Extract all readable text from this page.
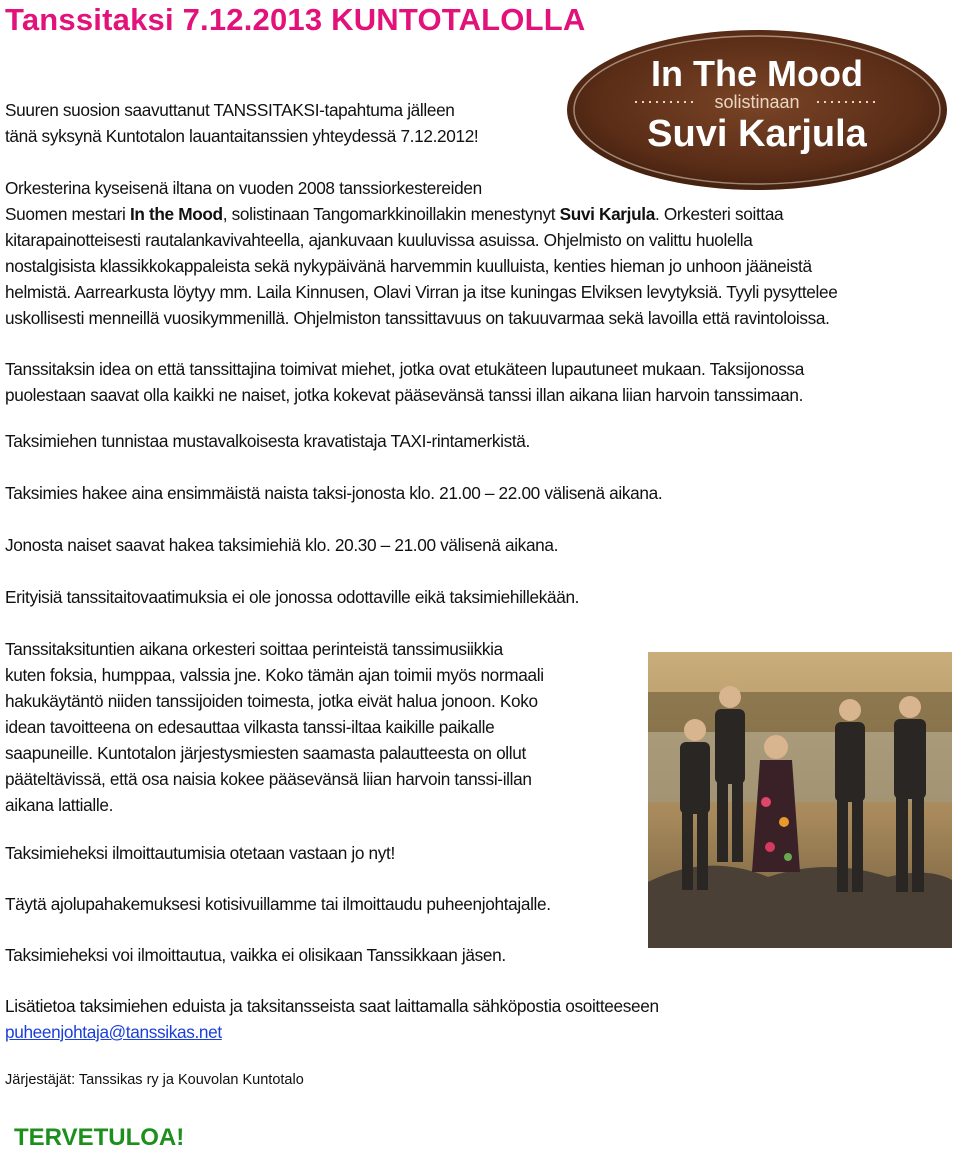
Tanssitaksi 7.12.2013 KUNTOTALOLLA
In The Mood
solistinaan
Suvi Karjula

Suuren suosion saavuttanut TANSSITAKSI-tapahtuma jälleen
tänä syksynä Kuntotalon lauantaitanssien yhteydessä 7.12.2012!

Orkesterina kyseisenä iltana on vuoden 2008 tanssiorkestereiden
Suomen mestari In the Mood, solistinaan Tangomarkkinoillakin menestynyt Suvi Karjula. Orkesteri soittaa
kitarapainotteisesti rautalankavivahteella, ajankuvaan kuuluvissa asuissa. Ohjelmisto on valittu huolella
nostalgisista klassikkokappaleista sekä nykypäivänä harvemmin kuulluista, kenties hieman jo unhoon jääneistä
helmistä. Aarrearkusta löytyy mm. Laila Kinnusen, Olavi Virran ja itse kuningas Elviksen levytyksiä. Tyyli pysyttelee
uskollisesti menneillä vuosikymmenillä. Ohjelmiston tanssittavuus on takuuvarmaa sekä lavoilla että ravintoloissa.

Tanssitaksin idea on että tanssittajina toimivat miehet, jotka ovat etukäteen lupautuneet mukaan. Taksijonossa
puolestaan saavat olla kaikki ne naiset, jotka kokevat pääsevänsä tanssi illan aikana liian harvoin tanssimaan.

Taksimiehen tunnistaa mustavalkoisesta kravatistaja TAXI-rintamerkistä.

Taksimies hakee aina ensimmäistä naista taksi-jonosta klo. 21.00 – 22.00 välisenä aikana.

Jonosta naiset saavat hakea taksimiehiä klo. 20.30 – 21.00 välisenä aikana.

Erityisiä tanssitaitovaatimuksia ei ole jonossa odottaville eikä taksimiehillekään.

Tanssitaksituntien aikana orkesteri soittaa perinteistä tanssimusiikkia
kuten foksia, humppaa, valssia jne. Koko tämän ajan toimii myös normaali
hakukäytäntö niiden tanssijoiden toimesta, jotka eivät halua jonoon. Koko
idean tavoitteena on edesauttaa vilkasta tanssi-iltaa kaikille paikalle
saapuneille. Kuntotalon järjestysmiesten saamasta palautteesta on ollut
pääteltävissä, että osa naisia kokee pääsevänsä liian harvoin tanssi-illan
aikana lattialle.

Taksimieheksi ilmoittautumisia otetaan vastaan jo nyt!

Täytä ajolupahakemuksesi kotisivuillamme tai ilmoittaudu puheenjohtajalle.

Taksimieheksi voi ilmoittautua, vaikka ei olisikaan Tanssikkaan jäsen.

Lisätietoa taksimiehen eduista ja taksitansseista saat laittamalla sähköpostia osoitteeseen
puheenjohtaja@tanssikas.net

Järjestäjät: Tanssikas ry ja Kouvolan Kuntotalo

TERVETULOA!
